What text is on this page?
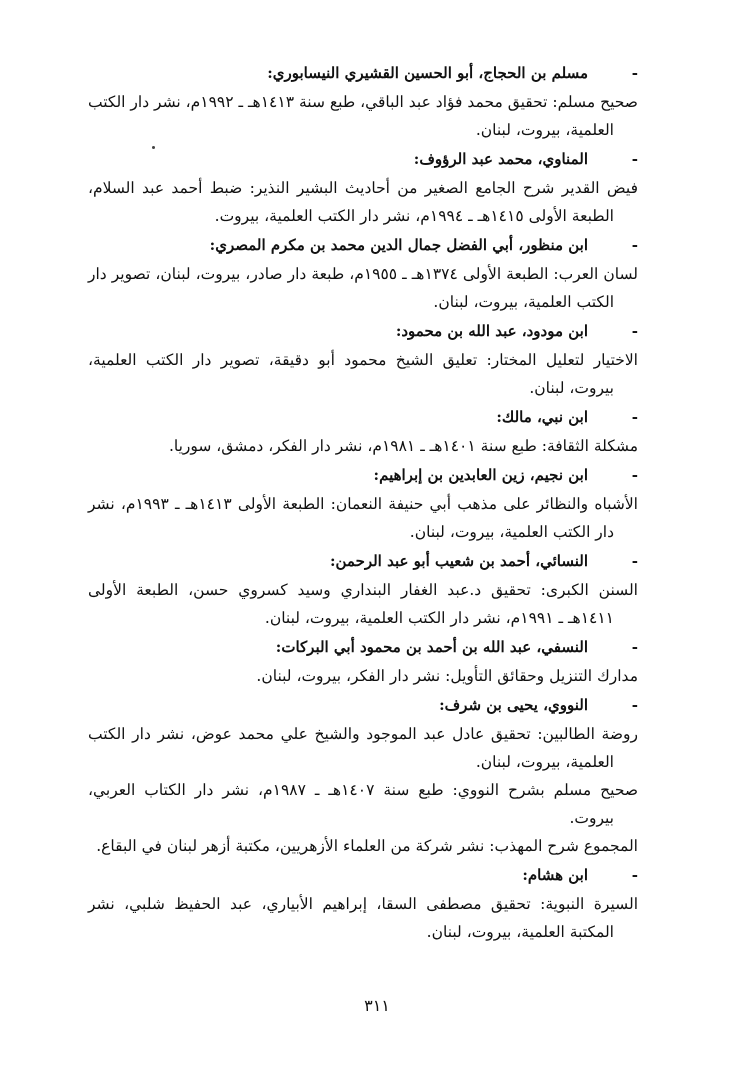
-
مسلم بن الحجاج، أبو الحسين القشيري النيسابوري:

صحيح مسلم: تحقيق محمد فؤاد عبد الباقي، طبع سنة ١٤١٣هـ ـ ١٩٩٢م، نشر دار الكتب العلمية، بيروت، لبنان.

-
المناوي، محمد عبد الرؤوف:

فيض القدير شرح الجامع الصغير من أحاديث البشير النذير: ضبط أحمد عبد السلام، الطبعة الأولى ١٤١٥هـ ـ ١٩٩٤م، نشر دار الكتب العلمية، بيروت.

-
ابن منظور، أبي الفضل جمال الدين محمد بن مكرم المصري:

لسان العرب: الطبعة الأولى ١٣٧٤هـ ـ ١٩٥٥م، طبعة دار صادر، بيروت، لبنان، تصوير دار الكتب العلمية، بيروت، لبنان.

-
ابن مودود، عبد الله بن محمود:

الاختيار لتعليل المختار: تعليق الشيخ محمود أبو دقيقة، تصوير دار الكتب العلمية، بيروت، لبنان.

-
ابن نبي، مالك:

مشكلة الثقافة: طبع سنة ١٤٠١هـ ـ ١٩٨١م، نشر دار الفكر، دمشق، سوريا.

-
ابن نجيم، زين العابدين بن إبراهيم:

الأشباه والنظائر على مذهب أبي حنيفة النعمان: الطبعة الأولى ١٤١٣هـ ـ ١٩٩٣م، نشر دار الكتب العلمية، بيروت، لبنان.

-
النسائي، أحمد بن شعيب أبو عبد الرحمن:

السنن الكبرى: تحقيق د.عبد الغفار البنداري وسيد كسروي حسن، الطبعة الأولى ١٤١١هـ ـ ١٩٩١م، نشر دار الكتب العلمية، بيروت، لبنان.

-
النسفي، عبد الله بن أحمد بن محمود أبي البركات:

مدارك التنزيل وحقائق التأويل: نشر دار الفكر، بيروت، لبنان.

-
النووي، يحيى بن شرف:

روضة الطالبين: تحقيق عادل عبد الموجود والشيخ علي محمد عوض، نشر دار الكتب العلمية، بيروت، لبنان.

صحيح مسلم بشرح النووي: طبع سنة ١٤٠٧هـ ـ ١٩٨٧م، نشر دار الكتاب العربي، بيروت.

المجموع شرح المهذب: نشر شركة من العلماء الأزهريين، مكتبة أزهر لبنان في البقاع.

-
ابن هشام:

السيرة النبوية: تحقيق مصطفى السقا، إبراهيم الأبياري، عبد الحفيظ شلبي، نشر المكتبة العلمية، بيروت، لبنان.

٣١١
